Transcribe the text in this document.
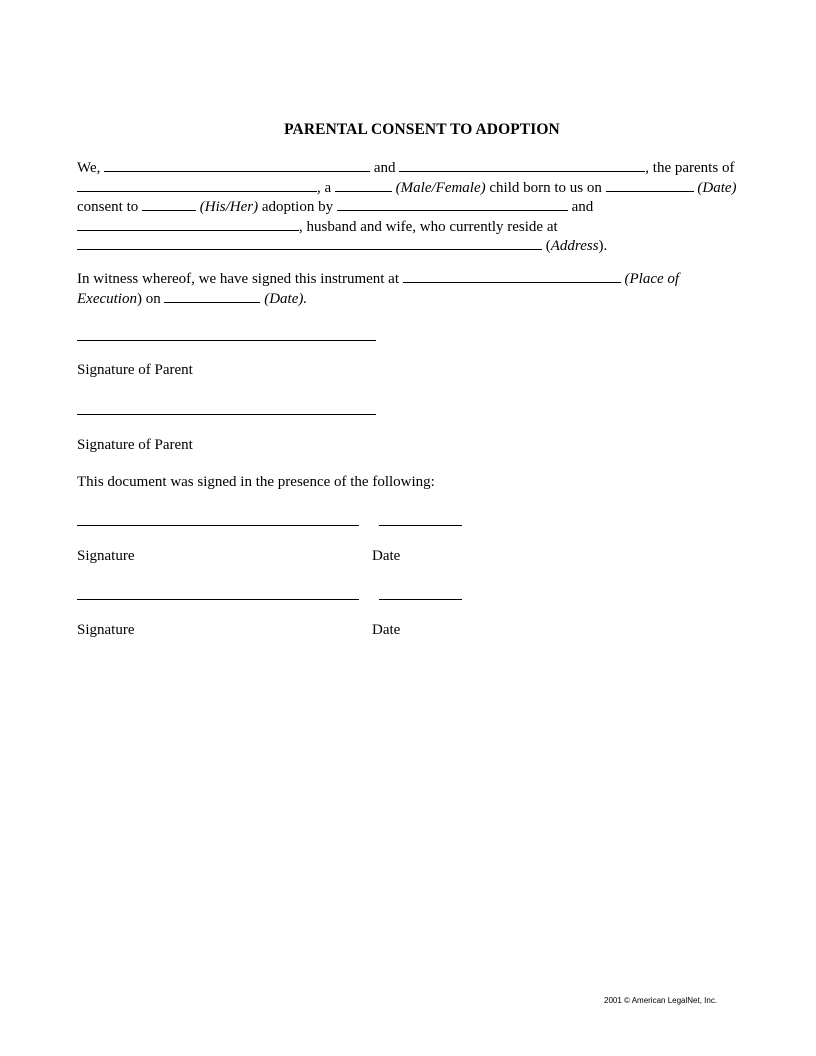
PARENTAL CONSENT TO ADOPTION
We,	and	, the parents of
, a	(Male/Female) child born to us on	(Date)
consent to	(His/Her) adoption by	and
, husband and wife, who currently reside at
(Address).
In witness whereof, we have signed this instrument at	(Place of
Execution) on	(Date).
Signature of Parent
Signature of Parent
This document was signed in the presence of the following:
Signature	Date
Signature	Date
2001 © American LegalNet, Inc.
